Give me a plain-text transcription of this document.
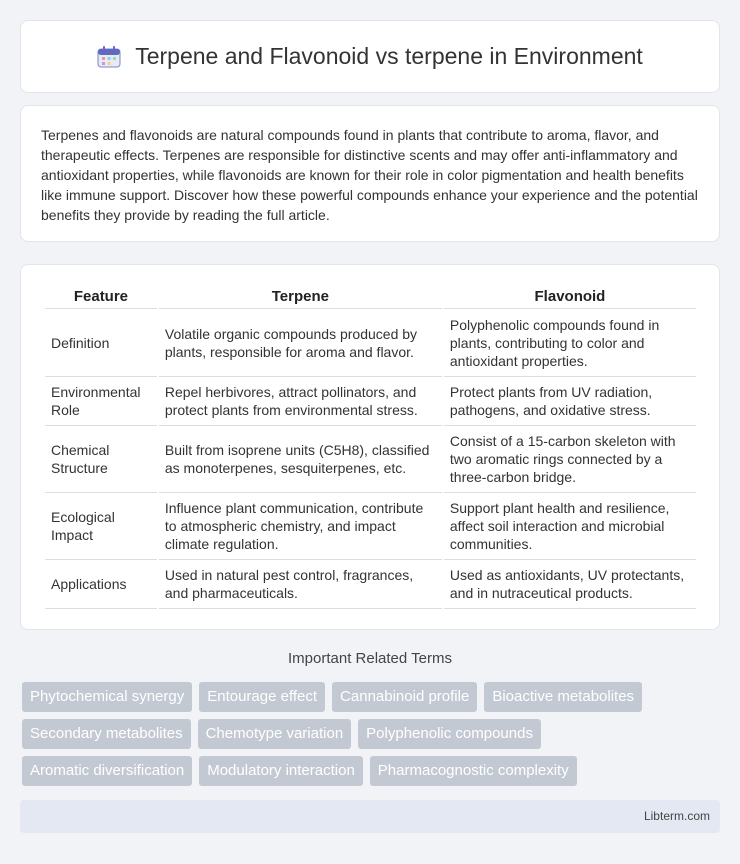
Terpene and Flavonoid vs terpene in Environment

Terpenes and flavonoids are natural compounds found in plants that contribute to aroma, flavor, and therapeutic effects. Terpenes are responsible for distinctive scents and may offer anti-inflammatory and antioxidant properties, while flavonoids are known for their role in color pigmentation and health benefits like immune support. Discover how these powerful compounds enhance your experience and the potential benefits they provide by reading the full article.

Feature	Terpene	Flavonoid
Definition	Volatile organic compounds produced by plants, responsible for aroma and flavor.	Polyphenolic compounds found in plants, contributing to color and antioxidant properties.
Environmental Role	Repel herbivores, attract pollinators, and protect plants from environmental stress.	Protect plants from UV radiation, pathogens, and oxidative stress.
Chemical Structure	Built from isoprene units (C5H8), classified as monoterpenes, sesquiterpenes, etc.	Consist of a 15-carbon skeleton with two aromatic rings connected by a three-carbon bridge.
Ecological Impact	Influence plant communication, contribute to atmospheric chemistry, and impact climate regulation.	Support plant health and resilience, affect soil interaction and microbial communities.
Applications	Used in natural pest control, fragrances, and pharmaceuticals.	Used as antioxidants, UV protectants, and in nutraceutical products.
Important Related Terms
Phytochemical synergy	Entourage effect	Cannabinoid profile	Bioactive metabolites
Secondary metabolites	Chemotype variation	Polyphenolic compounds
Aromatic diversification	Modulatory interaction	Pharmacognostic complexity
Libterm.com
